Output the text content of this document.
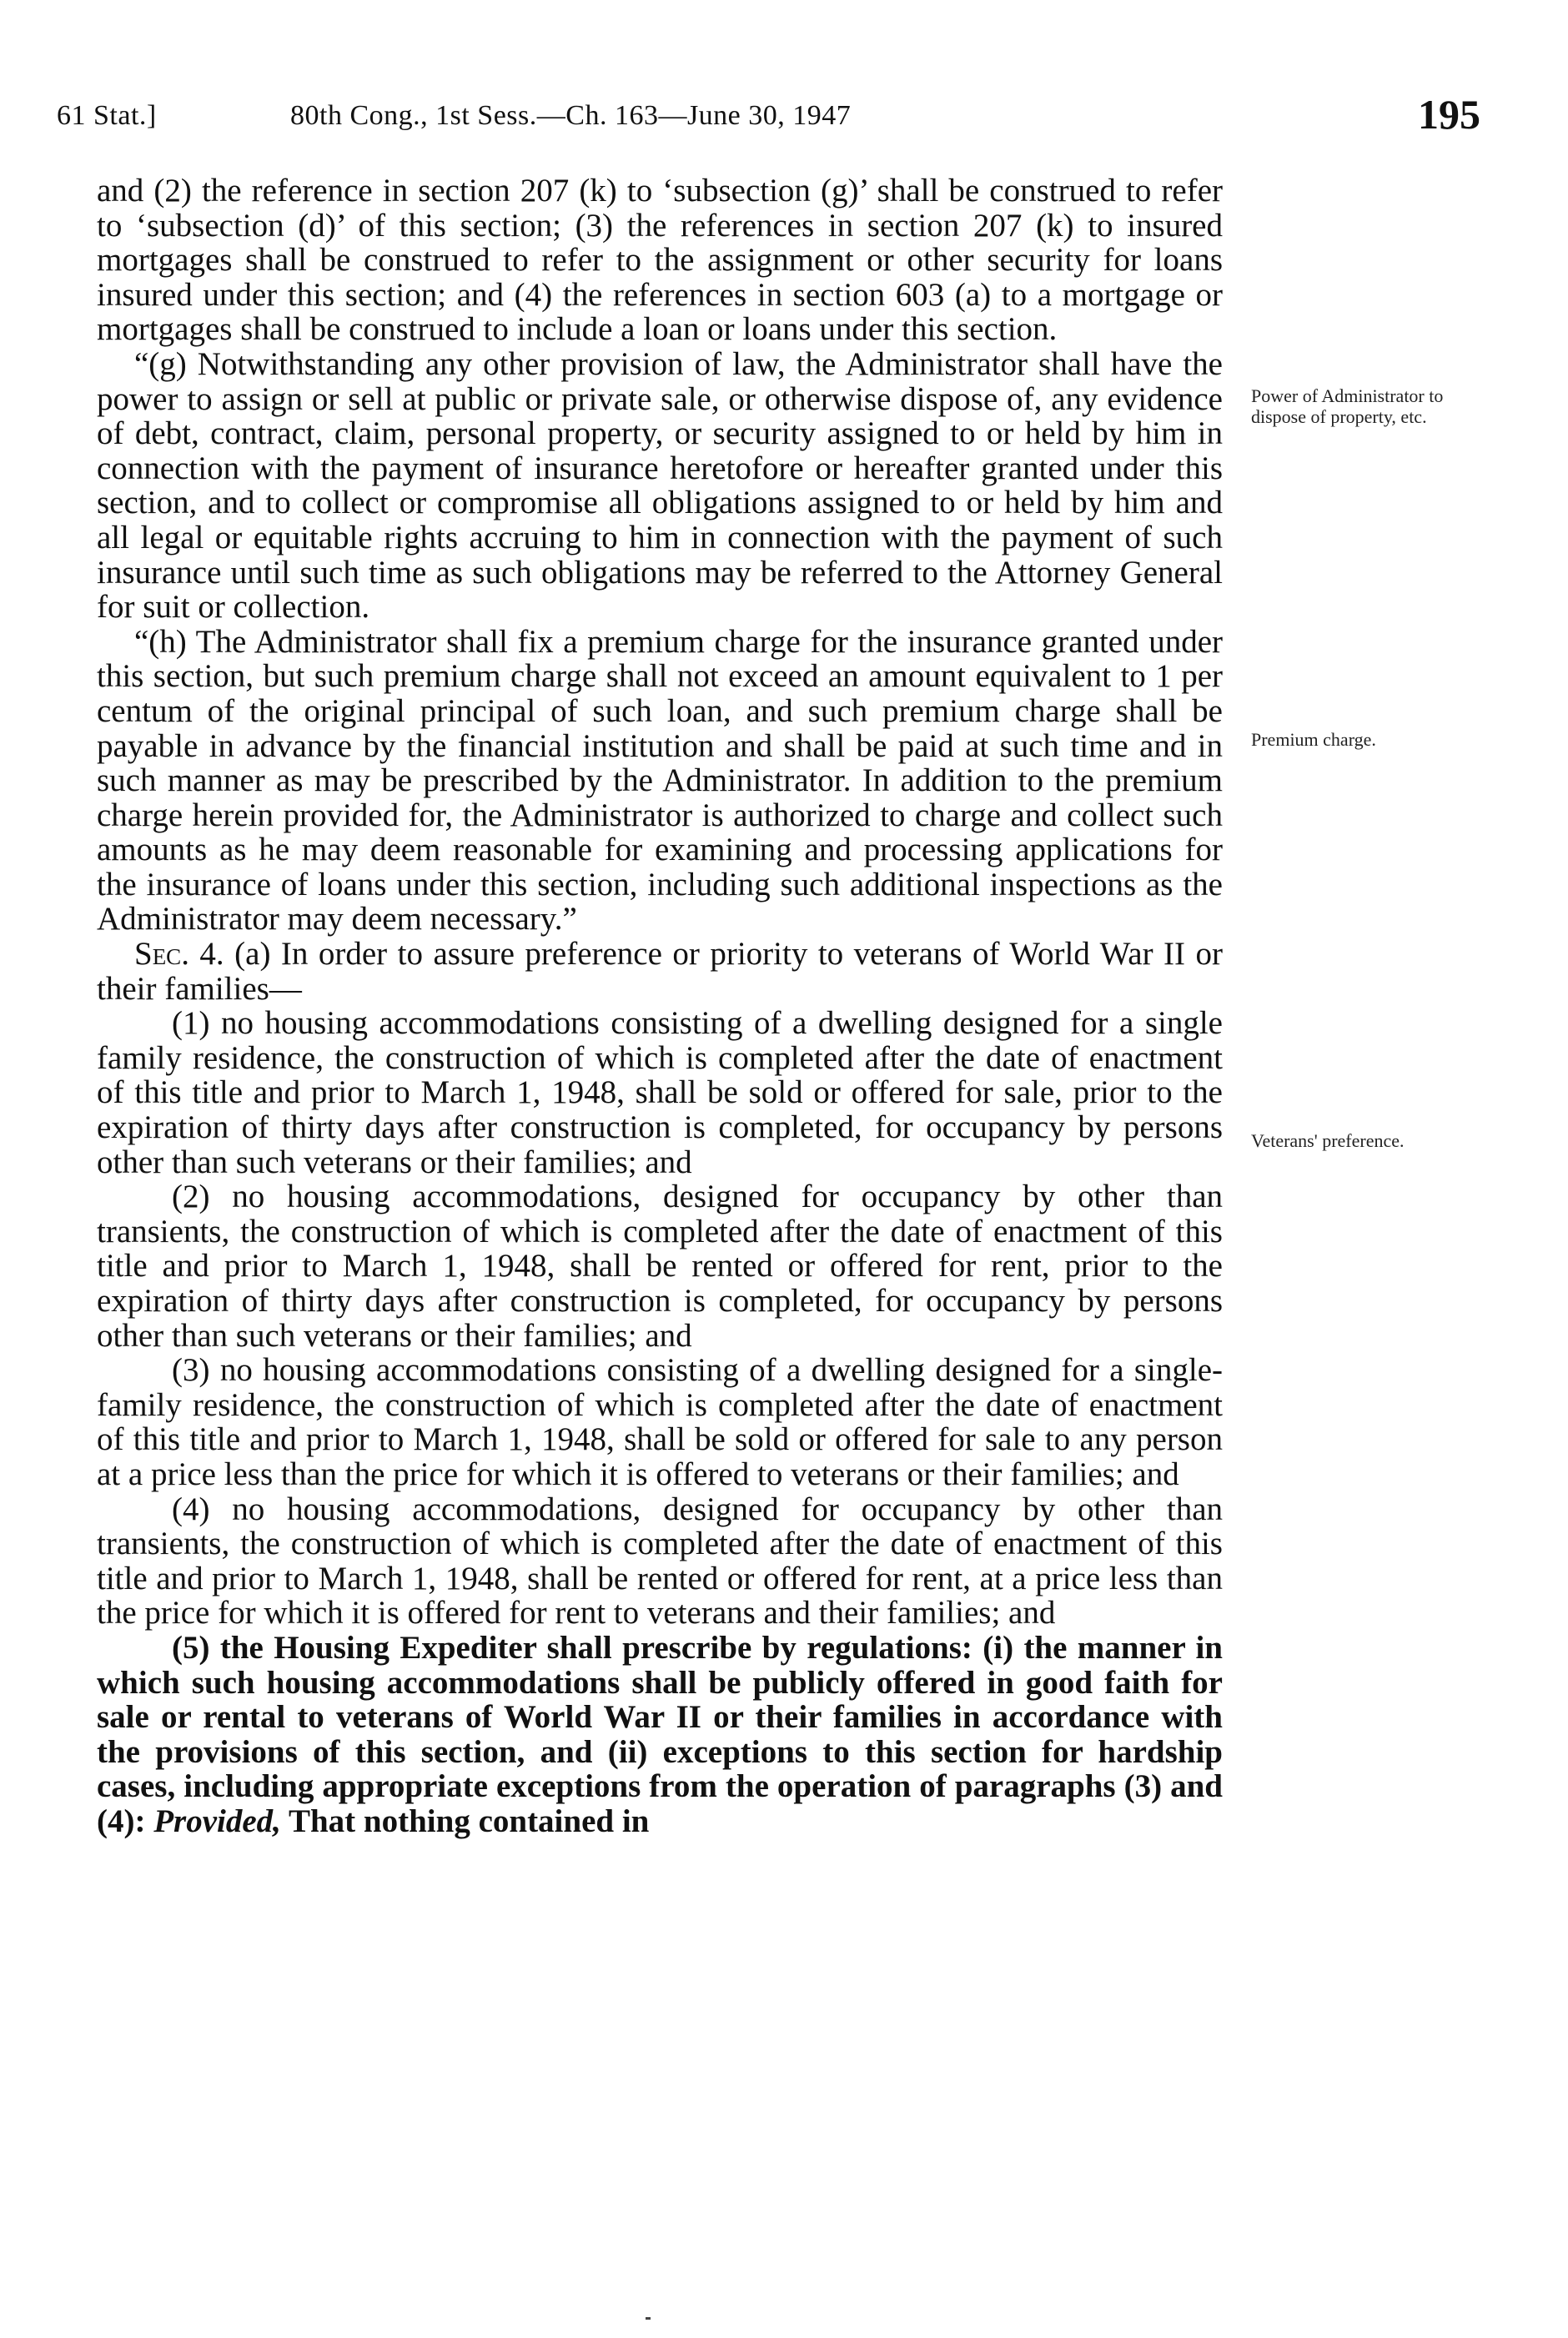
61 Stat.]	80th Cong., 1st Sess.—Ch. 163—June 30, 1947	195

and (2) the reference in section 207 (k) to ‘subsection (g)’ shall be construed to refer to ‘subsection (d)’ of this section; (3) the references in section 207 (k) to insured mortgages shall be construed to refer to the assignment or other security for loans insured under this section; and (4) the references in section 603 (a) to a mortgage or mortgages shall be construed to include a loan or loans under this section.

“(g) Notwithstanding any other provision of law, the Administrator shall have the power to assign or sell at public or private sale, or otherwise dispose of, any evidence of debt, contract, claim, personal property, or security assigned to or held by him in connection with the payment of insurance heretofore or hereafter granted under this section, and to collect or compromise all obligations assigned to or held by him and all legal or equitable rights accruing to him in connection with the payment of such insurance until such time as such obligations may be referred to the Attorney General for suit or collection.

“(h) The Administrator shall fix a premium charge for the insurance granted under this section, but such premium charge shall not exceed an amount equivalent to 1 per centum of the original principal of such loan, and such premium charge shall be payable in advance by the financial institution and shall be paid at such time and in such manner as may be prescribed by the Administrator. In addition to the premium charge herein provided for, the Administrator is authorized to charge and collect such amounts as he may deem reasonable for examining and processing applications for the insurance of loans under this section, including such additional inspections as the Administrator may deem necessary.”

Sec. 4. (a) In order to assure preference or priority to veterans of World War II or their families—

(1) no housing accommodations consisting of a dwelling designed for a single family residence, the construction of which is completed after the date of enactment of this title and prior to March 1, 1948, shall be sold or offered for sale, prior to the expiration of thirty days after construction is completed, for occupancy by persons other than such veterans or their families; and

(2) no housing accommodations, designed for occupancy by other than transients, the construction of which is completed after the date of enactment of this title and prior to March 1, 1948, shall be rented or offered for rent, prior to the expiration of thirty days after construction is completed, for occupancy by persons other than such veterans or their families; and

(3) no housing accommodations consisting of a dwelling designed for a single-family residence, the construction of which is completed after the date of enactment of this title and prior to March 1, 1948, shall be sold or offered for sale to any person at a price less than the price for which it is offered to veterans or their families; and

(4) no housing accommodations, designed for occupancy by other than transients, the construction of which is completed after the date of enactment of this title and prior to March 1, 1948, shall be rented or offered for rent, at a price less than the price for which it is offered for rent to veterans and their families; and

(5) the Housing Expediter shall prescribe by regulations: (i) the manner in which such housing accommodations shall be publicly offered in good faith for sale or rental to veterans of World War II or their families in accordance with the provisions of this section, and (ii) exceptions to this section for hardship cases, including appropriate exceptions from the operation of paragraphs (3) and (4): Provided, That nothing contained in

Power of Administrator to dispose of property, etc.
Premium charge.
Veterans' preference.
